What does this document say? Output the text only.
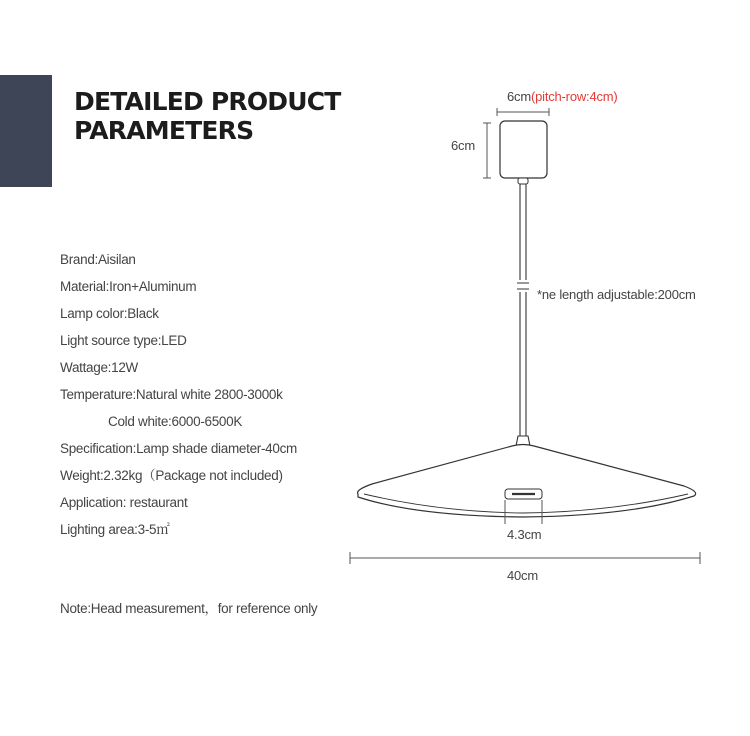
DETAILED PRODUCT
PARAMETERS
Brand:Aisilan
Material:Iron+Aluminum
Lamp color:Black
Light source type:LED
Wattage:12W
Temperature:Natural white 2800-3000k
Cold white:6000-6500K
Specification:Lamp shade diameter-40cm
Weight:2.32kg（Package not included)
Application: restaurant
Lighting area:3-5㎡
Note:Head measurement，for reference only
6cm(pitch-row:4cm)
6cm
*ne length adjustable:200cm
4.3cm
40cm
